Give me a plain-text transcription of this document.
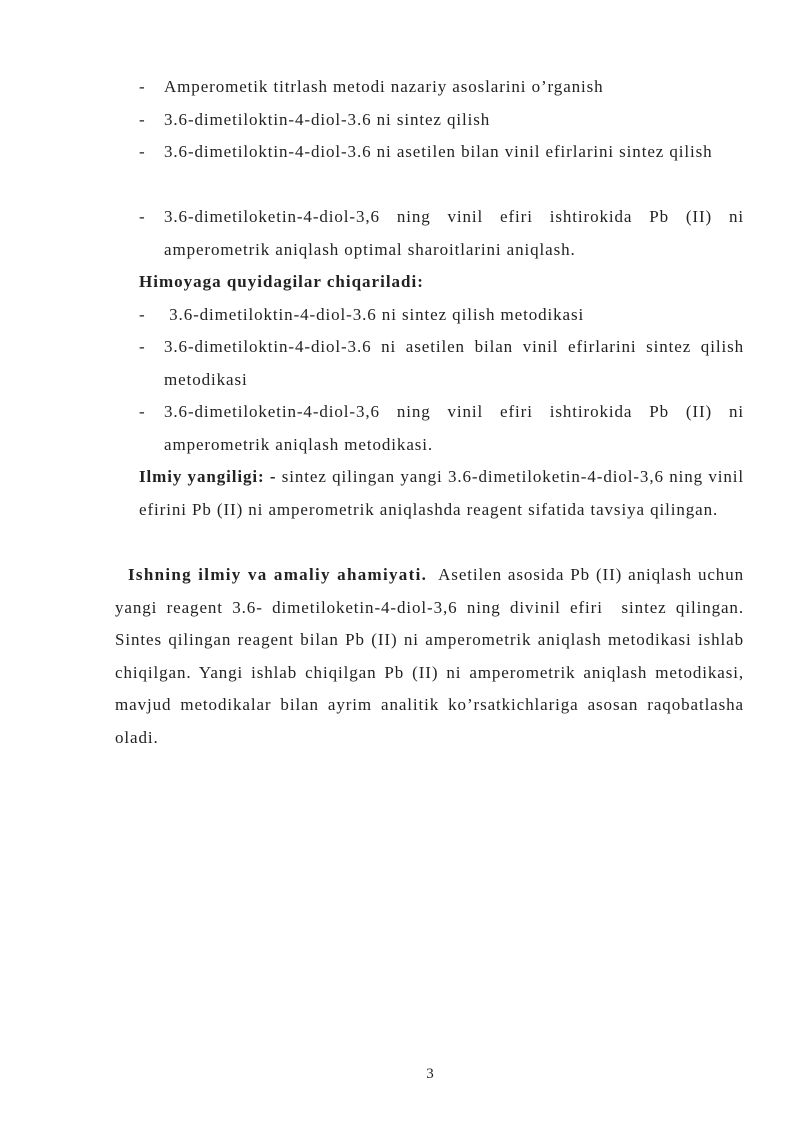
- Amperometik titrlash metodi nazariy asoslarini o’rganish
- 3.6-dimetiloktin-4-diol-3.6 ni sintez qilish
- 3.6-dimetiloktin-4-diol-3.6 ni asetilen bilan vinil efirlarini sintez qilish
- 3.6-dimetiloketin-4-diol-3,6 ning vinil efiri ishtirokida Pb (II) ni amperometrik aniqlash optimal sharoitlarini aniqlash.
Himoyaga quyidagilar chiqariladi:
- 3.6-dimetiloktin-4-diol-3.6 ni sintez qilish metodikasi
- 3.6-dimetiloktin-4-diol-3.6 ni asetilen bilan vinil efirlarini sintez qilish metodikasi
- 3.6-dimetiloketin-4-diol-3,6 ning vinil efiri ishtirokida Pb (II) ni amperometrik aniqlash metodikasi.
Ilmiy yangiligi: - sintez qilingan yangi 3.6-dimetiloketin-4-diol-3,6 ning vinil efirini Pb (II) ni amperometrik aniqlashda reagent sifatida tavsiya qilingan.
Ishning ilmiy va amaliy ahamiyati.  Asetilen asosida Pb (II) aniqlash uchun yangi reagent 3.6- dimetiloketin-4-diol-3,6 ning divinil efiri  sintez qilingan. Sintes qilingan reagent bilan Pb (II) ni amperometrik aniqlash metodikasi ishlab chiqilgan. Yangi ishlab chiqilgan Pb (II) ni amperometrik aniqlash metodikasi, mavjud metodikalar bilan ayrim analitik ko’rsatkichlariga asosan raqobatlasha oladi.
3
